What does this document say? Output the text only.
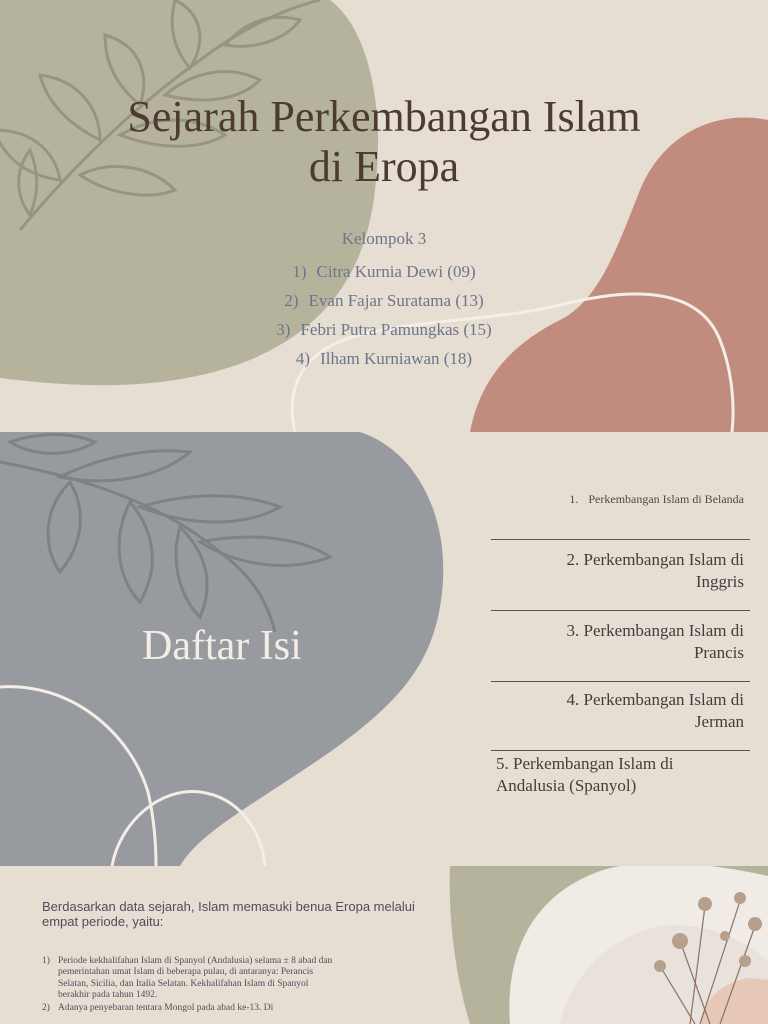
Sejarah Perkembangan Islam
di Eropa
Kelompok 3
1) Citra Kurnia Dewi (09)
2) Evan Fajar Suratama (13)
3) Febri Putra Pamungkas (15)
4) Ilham Kurniawan (18)
Daftar Isi
1. Perkembangan Islam di Belanda
2. Perkembangan Islam di
Inggris
3. Perkembangan Islam di
Prancis
4. Perkembangan Islam di
Jerman
5. Perkembangan Islam di
Andalusia (Spanyol)
Berdasarkan data sejarah, Islam memasuki benua Eropa melalui empat periode, yaitu:
1) Periode kekhalifahan Islam di Spanyol (Andalusia) selama ± 8 abad dan pemerintahan umat Islam di beberapa pulau, di antaranya: Perancis Selatan, Sicilia, dan Italia Selatan. Kekhalifahan Islam di Spanyol berakhir pada tahun 1492.
2) Adanya penyebaran tentara Mongol pada abad ke-13. Di
